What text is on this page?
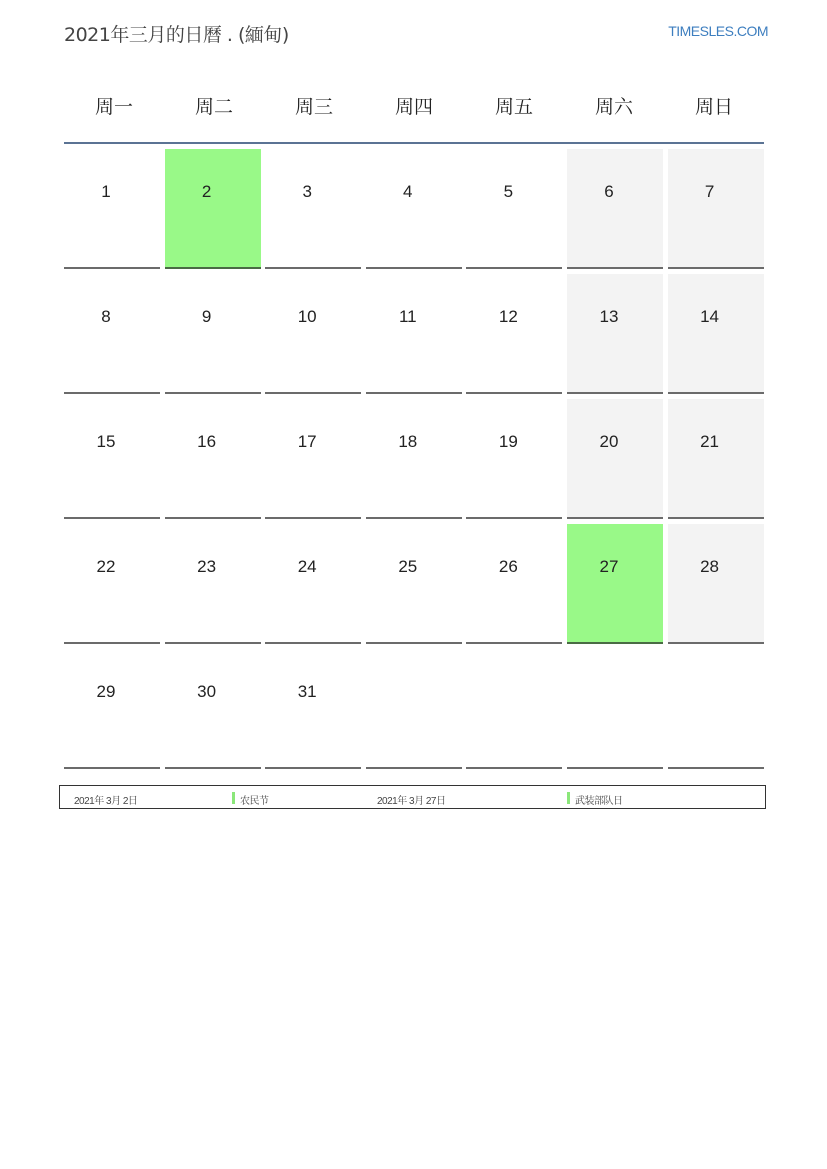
2021年三月的日曆 . (緬甸)	TIMESLES.COM
周一	周二	周三	周四	周五	周六	周日
1	2	3	4	5	6	7
8	9	10	11	12	13	14
15	16	17	18	19	20	21
22	23	24	25	26	27	28
29	30	31
2021年 3月 2日	农民节	2021年 3月 27日	武装部队日
